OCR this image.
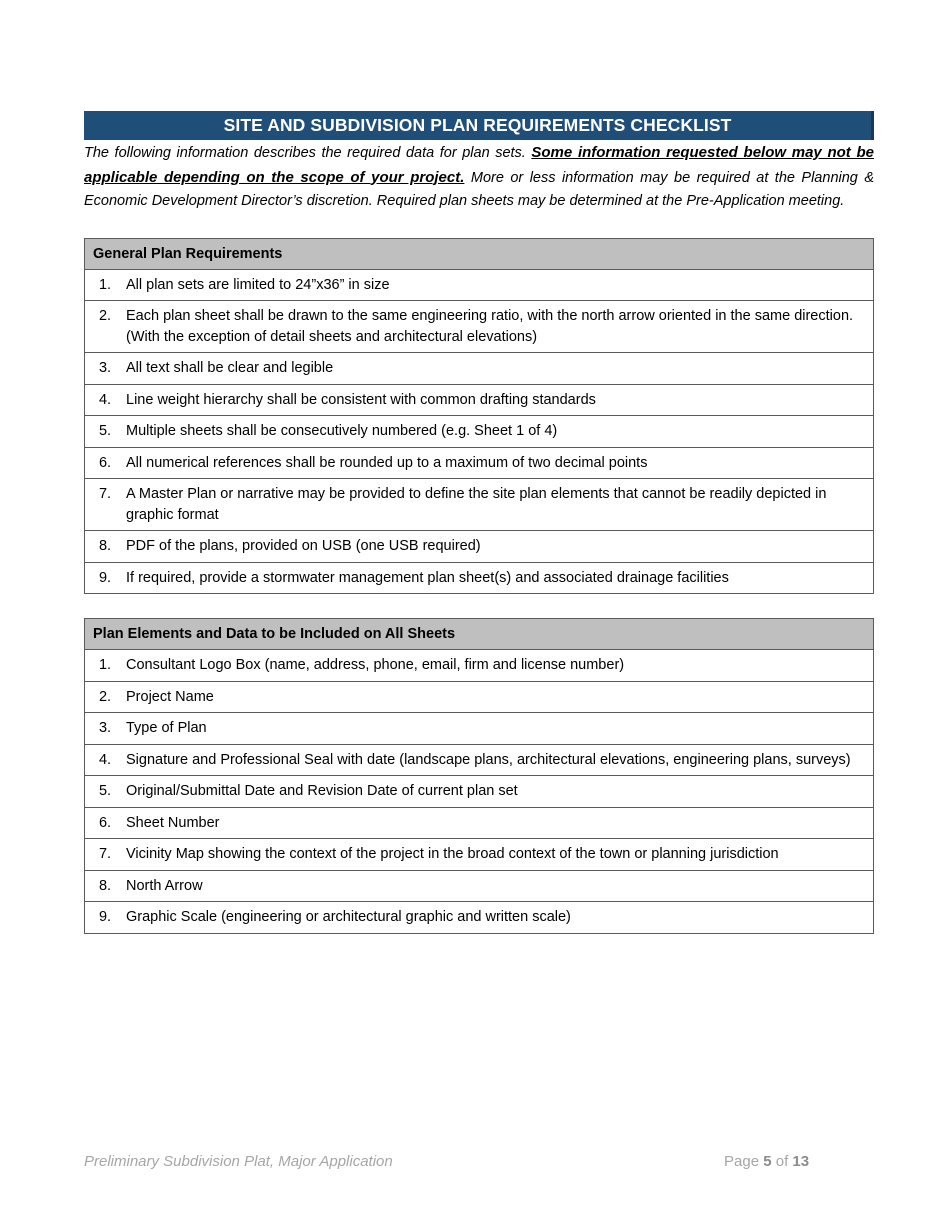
SITE AND SUBDIVISION PLAN REQUIREMENTS CHECKLIST
The following information describes the required data for plan sets. Some information requested below may not be applicable depending on the scope of your project. More or less information may be required at the Planning & Economic Development Director’s discretion. Required plan sheets may be determined at the Pre-Application meeting.
General Plan Requirements	
1.	All plan sets are limited to 24”x36” in size
2.	Each plan sheet shall be drawn to the same engineering ratio, with the north arrow oriented in the same direction. (With the exception of detail sheets and architectural elevations)
3.	All text shall be clear and legible
4.	Line weight hierarchy shall be consistent with common drafting standards
5.	Multiple sheets shall be consecutively numbered (e.g. Sheet 1 of 4)
6.	All numerical references shall be rounded up to a maximum of two decimal points
7.	A Master Plan or narrative may be provided to define the site plan elements that cannot be readily depicted in graphic format
8.	PDF of the plans, provided on USB (one USB required)
9.	If required, provide a stormwater management plan sheet(s) and associated drainage facilities
Plan Elements and Data to be Included on All Sheets	
1.	Consultant Logo Box (name, address, phone, email, firm and license number)
2.	Project Name
3.	Type of Plan
4.	Signature and Professional Seal with date (landscape plans, architectural elevations, engineering plans, surveys)
5.	Original/Submittal Date and Revision Date of current plan set
6.	Sheet Number
7.	Vicinity Map showing the context of the project in the broad context of the town or planning jurisdiction
8.	North Arrow
9.	Graphic Scale (engineering or architectural graphic and written scale)
Preliminary Subdivision Plat, Major Application	Page 5 of 13
